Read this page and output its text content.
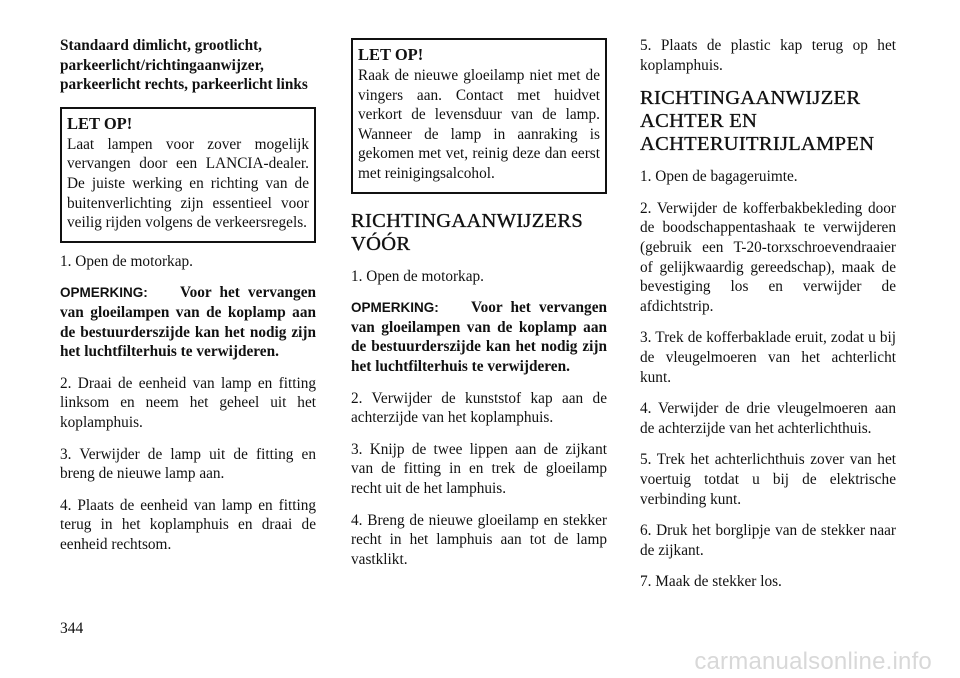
Standaard dimlicht, grootlicht, parkeerlicht/richtingaanwijzer, parkeerlicht rechts, parkeerlicht links

LET OP!

Laat lampen voor zover mogelijk vervangen door een LANCIA-dealer. De juiste werking en richting van de buitenverlichting zijn essentieel voor veilig rijden volgens de verkeersregels.

1. Open de motorkap.

OPMERKING: Voor het vervangen van gloeilampen van de koplamp aan de bestuurderszijde kan het nodig zijn het luchtfilterhuis te verwijderen.

2. Draai de eenheid van lamp en fitting linksom en neem het geheel uit het koplamphuis.

3. Verwijder de lamp uit de fitting en breng de nieuwe lamp aan.

4. Plaats de eenheid van lamp en fitting terug in het koplamphuis en draai de eenheid rechtsom.

LET OP!

Raak de nieuwe gloeilamp niet met de vingers aan. Contact met huidvet verkort de levensduur van de lamp. Wanneer de lamp in aanraking is gekomen met vet, reinig deze dan eerst met reinigingsalcohol.

RICHTINGAANWIJZERS VÓÓR

1. Open de motorkap.

OPMERKING: Voor het vervangen van gloeilampen van de koplamp aan de bestuurderszijde kan het nodig zijn het luchtfilterhuis te verwijderen.

2. Verwijder de kunststof kap aan de achterzijde van het koplamphuis.

3. Knijp de twee lippen aan de zijkant van de fitting in en trek de gloeilamp recht uit de het lamphuis.

4. Breng de nieuwe gloeilamp en stekker recht in het lamphuis aan tot de lamp vastklikt.

5. Plaats de plastic kap terug op het koplamphuis.

RICHTINGAANWIJZER ACHTER EN ACHTERUITRIJLAMPEN

1. Open de bagageruimte.

2. Verwijder de kofferbakbekleding door de boodschappentashaak te verwijderen (gebruik een T-20-torxschroevendraaier of gelijkwaardig gereedschap), maak de bevestiging los en verwijder de afdichtstrip.

3. Trek de kofferbaklade eruit, zodat u bij de vleugelmoeren van het achterlicht kunt.

4. Verwijder de drie vleugelmoeren aan de achterzijde van het achterlichthuis.

5. Trek het achterlichthuis zover van het voertuig totdat u bij de elektrische verbinding kunt.

6. Druk het borglipje van de stekker naar de zijkant.

7. Maak de stekker los.

344
carmanualsonline.info
